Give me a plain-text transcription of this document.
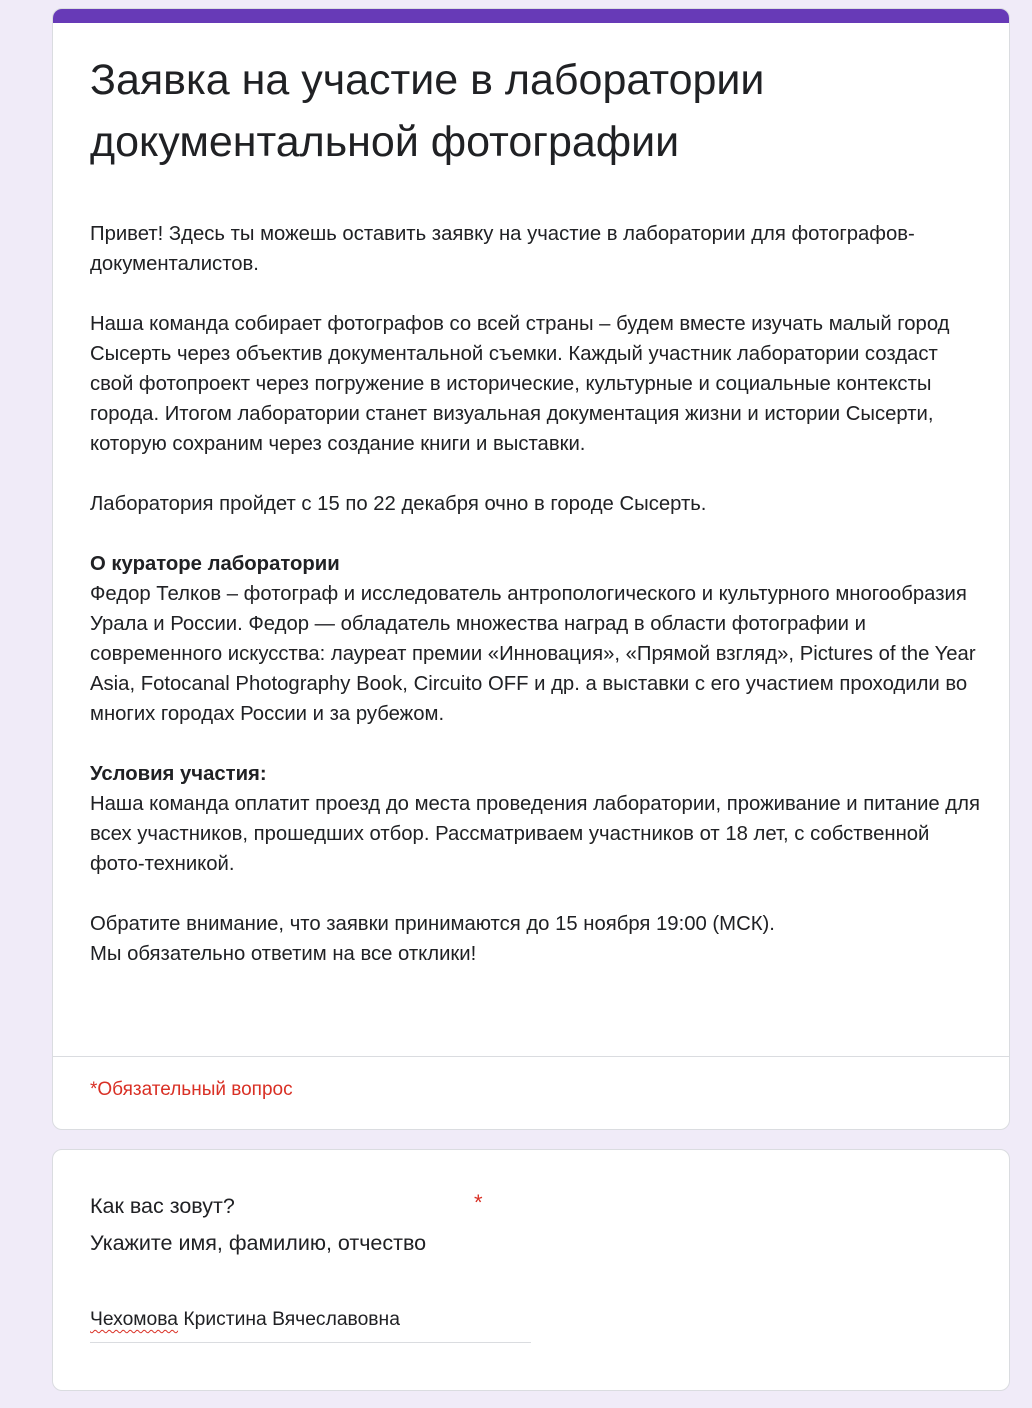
Заявка на участие в лаборатории
документальной фотографии

Привет! Здесь ты можешь оставить заявку на участие в лаборатории для фотографов-документалистов.

Наша команда собирает фотографов со всей страны – будем вместе изучать малый город Сысерть через объектив документальной съемки. Каждый участник лаборатории создаст свой фотопроект через погружение в исторические, культурные и социальные контексты города. Итогом лаборатории станет визуальная документация жизни и истории Сысерти, которую сохраним через создание книги и выставки.

Лаборатория пройдет с 15 по 22 декабря очно в городе Сысерть.

О кураторе лаборатории

Федор Телков – фотограф и исследователь антропологического и культурного многообразия Урала и России. Федор — обладатель множества наград в области фотографии и современного искусства: лауреат премии «Инновация», «Прямой взгляд», Pictures of the Year Asia, Fotocanal Photography Book, Circuito OFF и др. а выставки с его участием проходили во многих городах России и за рубежом.

Условия участия:

Наша команда оплатит проезд до места проведения лаборатории, проживание и питание для всех участников, прошедших отбор. Рассматриваем участников от 18 лет, с собственной фото-техникой.

Обратите внимание, что заявки принимаются до 15 ноября 19:00 (МСК).

Мы обязательно ответим на все отклики!

*Обязательный вопрос
Как вас зовут?
Укажите имя, фамилию, отчество
*
Чехомова Кристина Вячеславовна
